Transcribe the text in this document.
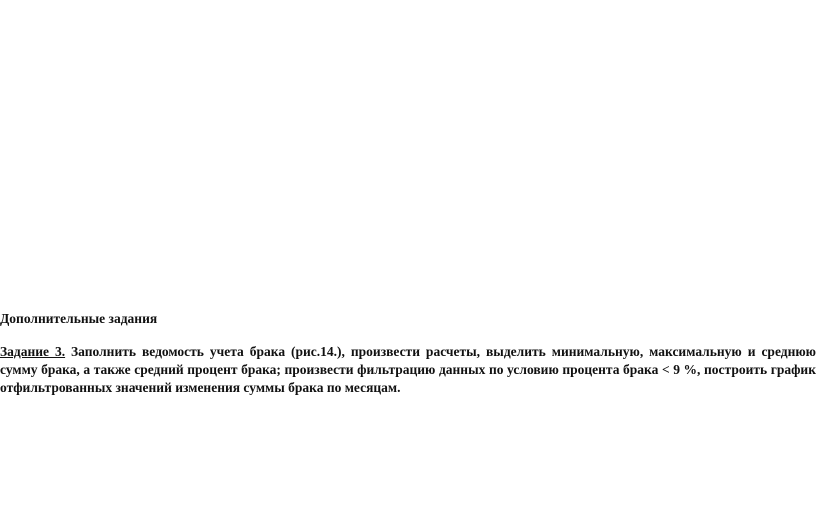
Дополнительные задания

Задание 3. Заполнить ведомость учета брака (рис.14.), произвести расчеты, выделить минимальную, максимальную и среднюю сумму брака, а также средний процент брака; произвести фильтрацию данных по условию процента брака < 9 %, построить график отфильтрованных значений изменения суммы брака по месяцам.
